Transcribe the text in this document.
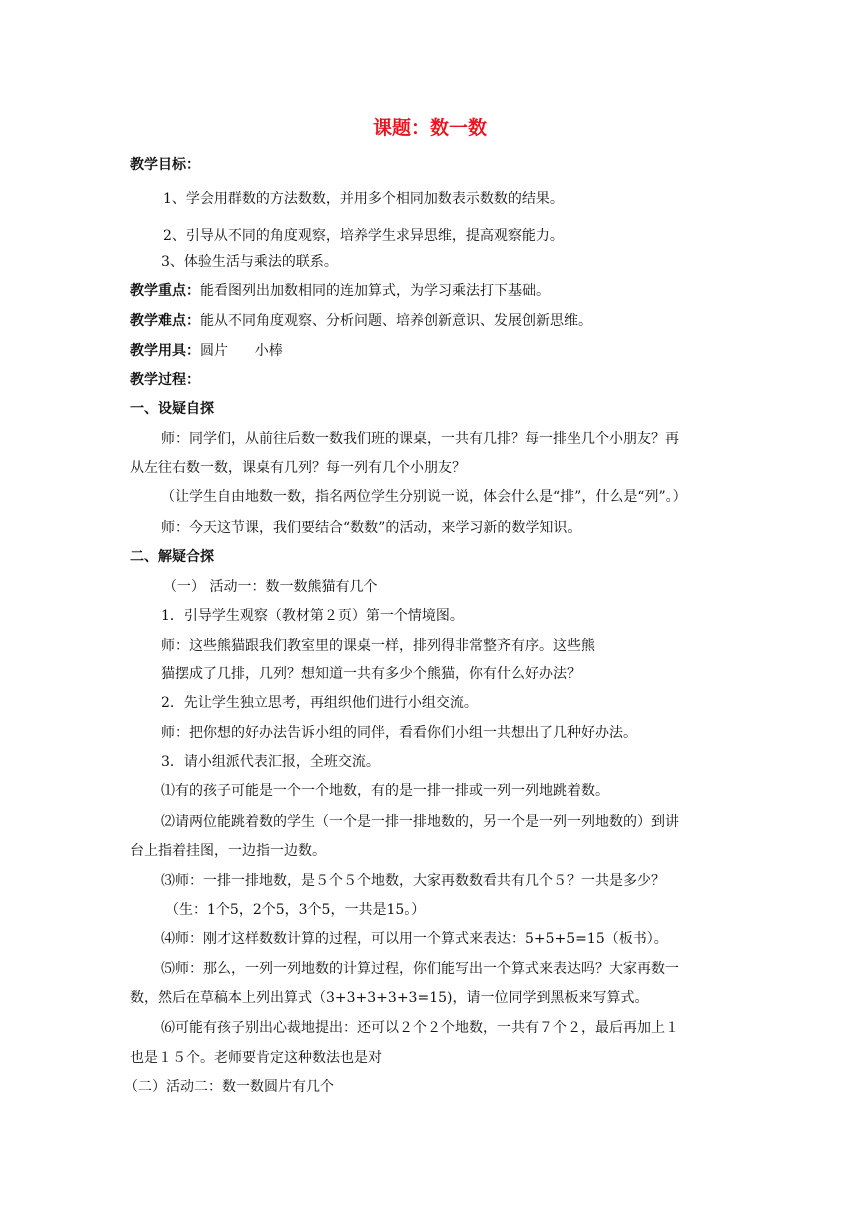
课题：数一数
教学目标：
1、学会用群数的方法数数，并用多个相同加数表示数数的结果。
2、引导从不同的角度观察，培养学生求异思维，提高观察能力。
3、体验生活与乘法的联系。
教学重点：能看图列出加数相同的连加算式，为学习乘法打下基础。
教学难点：能从不同角度观察、分析问题、培养创新意识、发展创新思维。
教学用具：圆片      小棒
教学过程：
一、设疑自探
师：同学们，从前往后数一数我们班的课桌，一共有几排？每一排坐几个小朋友？再
从左往右数一数，课桌有几列？每一列有几个小朋友？
（让学生自由地数一数，指名两位学生分别说一说，体会什么是“排”，什么是“列”。）
师：今天这节课，我们要结合“数数”的活动，来学习新的数学知识。
二、解疑合探
（一） 活动一：数一数熊猫有几个
1．引导学生观察（教材第２页）第一个情境图。
师：这些熊猫跟我们教室里的课桌一样，排列得非常整齐有序。这些熊
猫摆成了几排，几列？想知道一共有多少个熊猫，你有什么好办法？
2．先让学生独立思考，再组织他们进行小组交流。
师：把你想的好办法告诉小组的同伴，看看你们小组一共想出了几种好办法。
3．请小组派代表汇报，全班交流。
⑴有的孩子可能是一个一个地数，有的是一排一排或一列一列地跳着数。
⑵请两位能跳着数的学生（一个是一排一排地数的，另一个是一列一列地数的）到讲
台上指着挂图，一边指一边数。
⑶师：一排一排地数，是５个５个地数，大家再数数看共有几个５？一共是多少？
（生：1个5，2个5，3个5，一共是15。）
⑷师：刚才这样数数计算的过程，可以用一个算式来表达：5+5+5=15（板书）。
⑸师：那么，一列一列地数的计算过程，你们能写出一个算式来表达吗？大家再数一
数，然后在草稿本上列出算式（3+3+3+3+3=15)，请一位同学到黑板来写算式。
⑹可能有孩子别出心裁地提出：还可以２个２个地数，一共有７个２，最后再加上１
也是１５个。老师要肯定这种数法也是对
（二）活动二：数一数圆片有几个
